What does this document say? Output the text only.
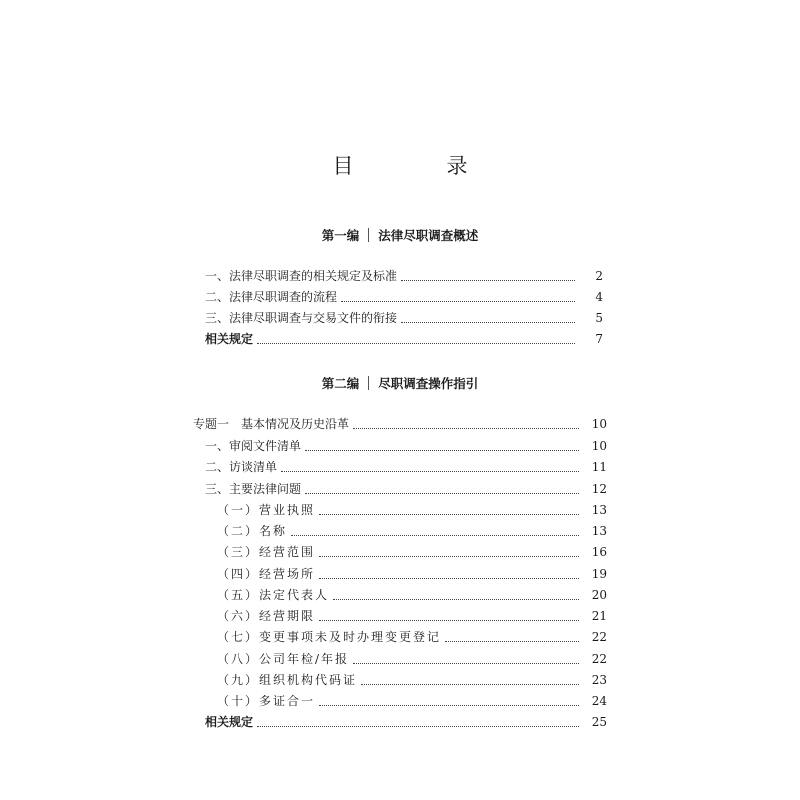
目　录
第一编 法律尽职调查概述
一、法律尽职调查的相关规定及标准	2
二、法律尽职调查的流程	4
三、法律尽职调查与交易文件的衔接	5
相关规定	7
第二编 尽职调查操作指引
专题一　基本情况及历史沿革	10
一、审阅文件清单	10
二、访谈清单	11
三、主要法律问题	12
（一）营业执照	13
（二）名称	13
（三）经营范围	16
（四）经营场所	19
（五）法定代表人	20
（六）经营期限	21
（七）变更事项未及时办理变更登记	22
（八）公司年检/年报	22
（九）组织机构代码证	23
（十）多证合一	24
相关规定	25
